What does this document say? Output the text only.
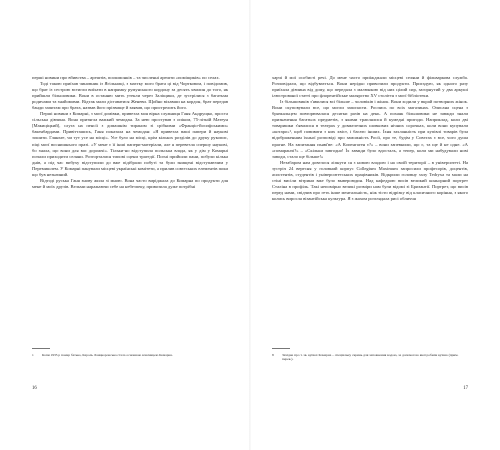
перші новини про вбивства – арештів, поошмонків – та численні арешти «помiщиків» по селах.

Тоді такою приїхав чиновник із Ягільниці, з маєтку мого брата ці від Чортковом, і повідомив, що брат із сестрою встигли виїхати в напрямку румунського кордону за десять хвилин до того, як прийшли більшовики. Вони в останню мить утекли через Заліщики, де зустрілися з багатьма родичами та знайомими. Відтак мали діставатися Женеви. Щойно віхавши на кордон, брат передав банди запитам про брата, назвав його прізвище й заявив, що пристрелить його.

Перші новини з Комарні, з моєї домівки, привезла моя вірна служниця Ганя Андрущко, проста сільська дівчина. Вона притягла важкий чемодан. За нею простував з опіком, 75-літній Матеун [Макиціцкий], слуга на пенсії з домашнім тираном зі срібними «Франціо-йосифськими» бакенбардами. Привітташись, Ганя показала на чемодан: «Я привезла ваші папери й наукові зошити. Гляньте, чи тут усе на місці». Усе було на місці, крім кількох розділів до друку рукопис, пiці моєї воснишнього празі. «У мене є її інші папери-матеріали, але я перевезла спершу наукові, бо знала, що вони для вас дорожчі». Тільки-но відступила польська влада, як у дім у Комарні почали приходити селяни. Розгорталися типові сцени трагедії. Погні прийшли пани, побули кілька днів, а під час вибуху відступили до вже підібрали побуті та були знищені відступаючим у Перемишлем. У Комарні панували місцеві українські комітети, а прилив совєтських елементів поки що був незначний.

Відтоді руська Ганя знову жила зі мною. Вона часто виріджала до Комарна по продукти для мене й моїх друзів. Вельми наражаючи себе на небезпеку, привозила дуже потрібні

1	Копи 1935 р помер батько, Кароль Ланцкоронська стала основною власницею Комарна.
16

харчі й мої особисті речі. До мене часто приїжджали місцеві селяни й фільваркова служба. Розповідали, що відбувається. Вони нерідко привозили продукти. Пригадую, як одного разу приїхала дівчина від дому, що передала з малюнкою від них цілий сир, загорнутий у два аркуші ілюстрованої статті про флорентійське малярство XV століття з моєї бібліотеки.

Із більшовиків з'явилися всі більше – чоловіків і жінок. Вони ходили у вкрай потворних жінок. Вони скуповували все, що могли запопасти. Роспись по всіх магазинах. Описана сцена з брязкальцем повторювалася десятки разів на день. А похаяк більшовики не завжди знали призначення багатьох предметів, з якими траплялися й кумедні пригоди. Наприклад, коли дві товаришки з'явилися в театрах у довжелезних шовкових нічних сорочках, коли вони купували «котаро»¹, щоб повивати з них хвіст, і багато інших. Їхня захланність при купівлі товарів була відображенням їхньої розповіді про заможність Росії, про те, будім у Совєтах є все, чого душа прагне. На запитання пьяві'ве: «А Копенгаген є?» – вони запевнили, що є, та ще й не одне. «А «помаранчі?» – «Скільки завгодно! Їх завжди було вдосталь, а тепер, коли ми набудували нові заводи, стало ще більше!»

Незабаром нам довелося ліпнути ся з новою владою і на своїй території – в університеті. На зустріч 24 вересня у головний корпус Collegium Maximum запросили професорів, доцентів, асистентів, студентів і університетських працівників. Відкрили головну залу Tedryxa та мали на стіні висіли вітрини вже було вывероюдин. Над кафедрою висів великий коньорний портрет Сталіна в профіль. Такі непомірно великі розміри нам були відомі зі Бризантії. Портрет, що висів перед нами, свідчив про геть інше ментальність, ніж тісто відрізку від класичного коріння, з якого колись виросла візантійська культура. Я з жахом розглядала рисі обличчя

8	Західне про т. зв. купюх Комарна – спеціальну скринь для заповнення водою, за допомогою якої робили кухню (прим. перек.).
17
